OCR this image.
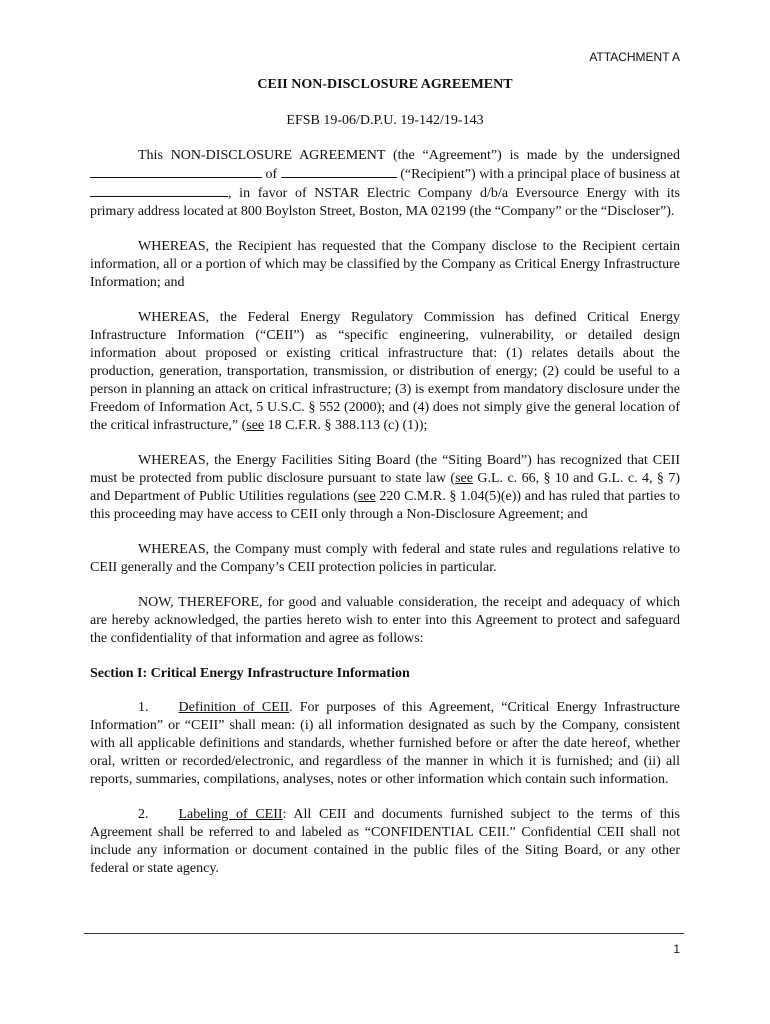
ATTACHMENT A
CEII NON-DISCLOSURE AGREEMENT
EFSB 19-06/D.P.U. 19-142/19-143

This NON-DISCLOSURE AGREEMENT (the “Agreement”) is made by the undersigned  of	(“Recipient”) with a principal place of business at , in favor of NSTAR Electric Company d/b/a Eversource Energy with its primary address located at 800 Boylston Street, Boston, MA 02199 (the “Company” or the “Discloser”).

WHEREAS, the Recipient has requested that the Company disclose to the Recipient certain information, all or a portion of which may be classified by the Company as Critical Energy Infrastructure Information; and

WHEREAS, the Federal Energy Regulatory Commission has defined Critical Energy Infrastructure Information (“CEII”) as “specific engineering, vulnerability, or detailed design information about proposed or existing critical infrastructure that: (1) relates details about the production, generation, transportation, transmission, or distribution of energy; (2) could be useful to a person in planning an attack on critical infrastructure; (3) is exempt from mandatory disclosure under the Freedom of Information Act, 5 U.S.C. § 552 (2000); and (4) does not simply give the general location of the critical infrastructure,” (see 18 C.F.R. § 388.113 (c) (1));

WHEREAS, the Energy Facilities Siting Board (the “Siting Board”) has recognized that CEII must be protected from public disclosure pursuant to state law (see G.L. c. 66, § 10 and G.L. c. 4, § 7) and Department of Public Utilities regulations (see 220 C.M.R. § 1.04(5)(e)) and has ruled that parties to this proceeding may have access to CEII only through a Non-Disclosure Agreement; and

WHEREAS, the Company must comply with federal and state rules and regulations relative to CEII generally and the Company’s CEII protection policies in particular.

NOW, THEREFORE, for good and valuable consideration, the receipt and adequacy of which are hereby acknowledged, the parties hereto wish to enter into this Agreement to protect and safeguard the confidentiality of that information and agree as follows:

Section I: Critical Energy Infrastructure Information

1. Definition of CEII. For purposes of this Agreement, “Critical Energy Infrastructure Information” or “CEII” shall mean: (i) all information designated as such by the Company, consistent with all applicable definitions and standards, whether furnished before or after the date hereof, whether oral, written or recorded/electronic, and regardless of the manner in which it is furnished; and (ii) all reports, summaries, compilations, analyses, notes or other information which contain such information.

2. Labeling of CEII: All CEII and documents furnished subject to the terms of this Agreement shall be referred to and labeled as “CONFIDENTIAL CEII.” Confidential CEII shall not include any information or document contained in the public files of the Siting Board, or any other federal or state agency.

1
